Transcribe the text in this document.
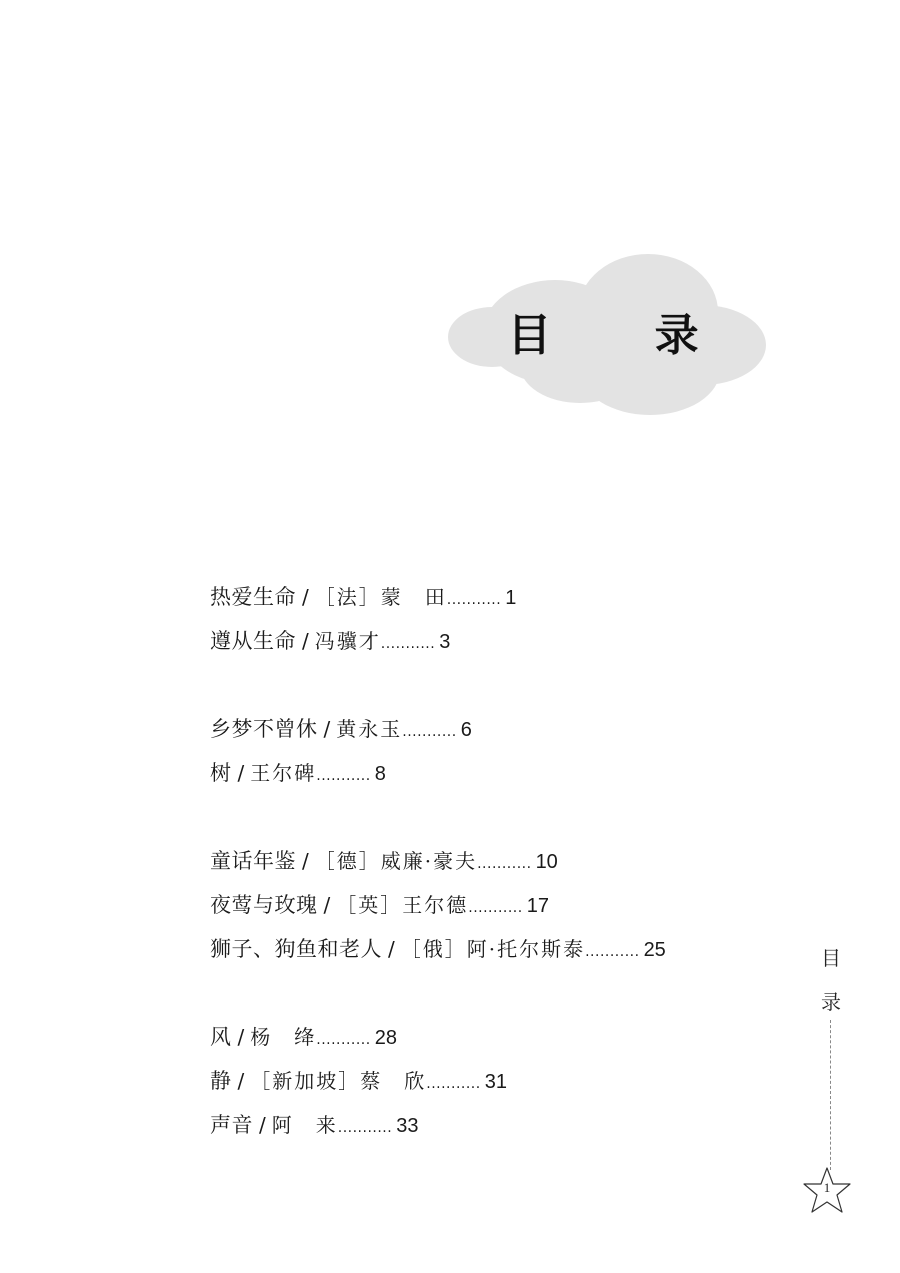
目 录
热爱生命 / ［法］蒙　田........... 1
遵从生命 / 冯骥才........... 3
乡梦不曾休 / 黄永玉........... 6
树 / 王尔碑........... 8
童话年鉴 / ［德］威廉·豪夫........... 10
夜莺与玫瑰 / ［英］王尔德........... 17
狮子、狗鱼和老人 / ［俄］阿·托尔斯泰........... 25
风 / 杨　绛........... 28
静 / ［新加坡］蔡　欣........... 31
声音 / 阿　来........... 33
目
录
1
